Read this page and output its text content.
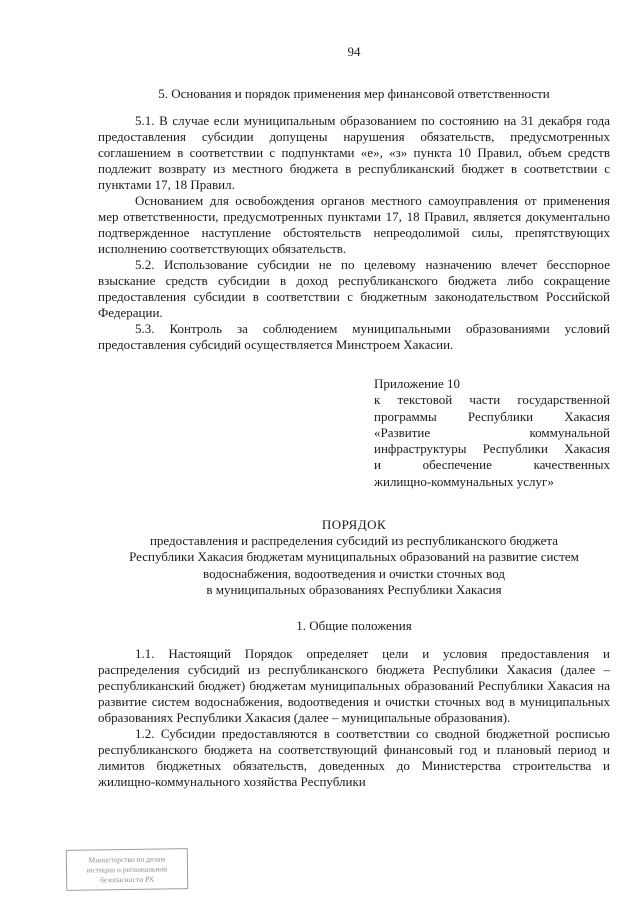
94
5. Основания и порядок применения мер финансовой ответственности

5.1. В случае если муниципальным образованием по состоянию на 31 декабря года предоставления субсидии допущены нарушения обязательств, предусмотренных соглашением в соответствии с подпунктами «е», «з» пункта 10 Правил, объем средств подлежит возврату из местного бюджета в республиканский бюджет в соответствии с пунктами 17, 18 Правил.

Основанием для освобождения органов местного самоуправления от применения мер ответственности, предусмотренных пунктами 17, 18 Правил, является документально подтвержденное наступление обстоятельств непреодолимой силы, препятствующих исполнению соответствующих обязательств.

5.2. Использование субсидии не по целевому назначению влечет бесспорное взыскание средств субсидии в доход республиканского бюджета либо сокращение предоставления субсидии в соответствии с бюджетным законодательством Российской Федерации.

5.3. Контроль за соблюдением муниципальными образованиями условий предоставления субсидий осуществляется Минстроем Хакасии.

Приложение 10
к текстовой части государственной
программы Республики Хакасия
«Развитие коммунальной
инфраструктуры Республики Хакасия
и обеспечение качественных
жилищно-коммунальных услуг»
ПОРЯДОК
предоставления и распределения субсидий из республиканского бюджета
Республики Хакасия бюджетам муниципальных образований на развитие систем
водоснабжения, водоотведения и очистки сточных вод
в муниципальных образованиях Республики Хакасия
1. Общие положения

1.1. Настоящий Порядок определяет цели и условия предоставления и распределения субсидий из республиканского бюджета Республики Хакасия (далее – республиканский бюджет) бюджетам муниципальных образований Республики Хакасия на развитие систем водоснабжения, водоотведения и очистки сточных вод в муниципальных образованиях Республики Хакасия (далее – муниципальные образования).

1.2. Субсидии предоставляются в соответствии со сводной бюджетной росписью республиканского бюджета на соответствующий финансовый год и плановый период и лимитов бюджетных обязательств, доведенных до Министерства строительства и жилищно-коммунального хозяйства Республики

Министерство по делам
юстиции и региональной
безопасности РХ
